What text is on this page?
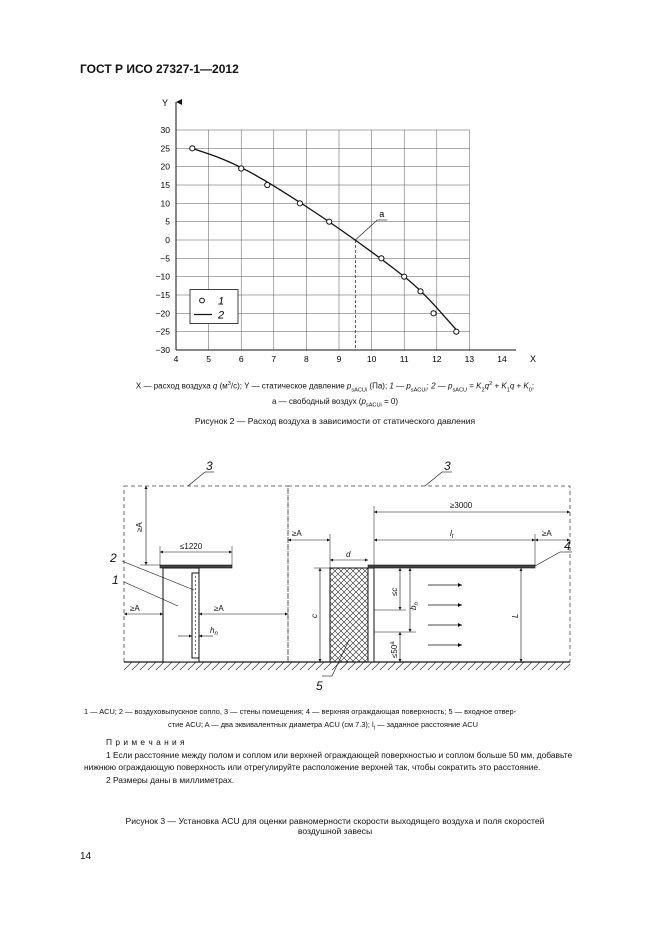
ГОСТ Р ИСО 27327-1—2012
Y
X
4	5	6	7	8	9	10	11	12	13	14
30
25
20
15
10
5
0
−5
−10
−15
−20
−25
−30
a
1
2
X — расход воздуха q $(м^3/с)$; Y — статическое давление $p_{sACUi}$ (Па); 1 — $p_{sACUi}$; 2 — $p_{sACU} = K_2q^2 + K_1q + K_0$;
а — свободный воздух $(p_{sACUi} = 0)$
Рисунок 2 — Расход воздуха в зависимости от статического давления
3	3
2
1
4
5
≥A
≤1220
≥A	≥A
$h_n$
≥A
≥3000
$l_t$	≥A
d
c
≤c
$b_n$
$\le 50^a$
L
1 — ACU; 2 — воздуховыпускное сопло, 3 — стены помещения; 4 — верхняя ограждающая поверхность; 5 — входное отвер-
стие ACU; A — два эквивалентных диаметра ACU (см 7.3); $l_t$ — заданное расстояние ACU
П р и м е ч а н и я
1 Если расстояние между полом и соплом или верхней ограждающей поверхностью и соплом больше 50 мм, добавьте нижнюю ограждающую поверхность или отрегулируйте расположение верхней так, чтобы сократить это расстояние.
2 Размеры даны в миллиметрах.
Рисунок 3 — Установка ACU для оценки равномерности скорости выходящего воздуха и поля скоростей
воздушной завесы
14
